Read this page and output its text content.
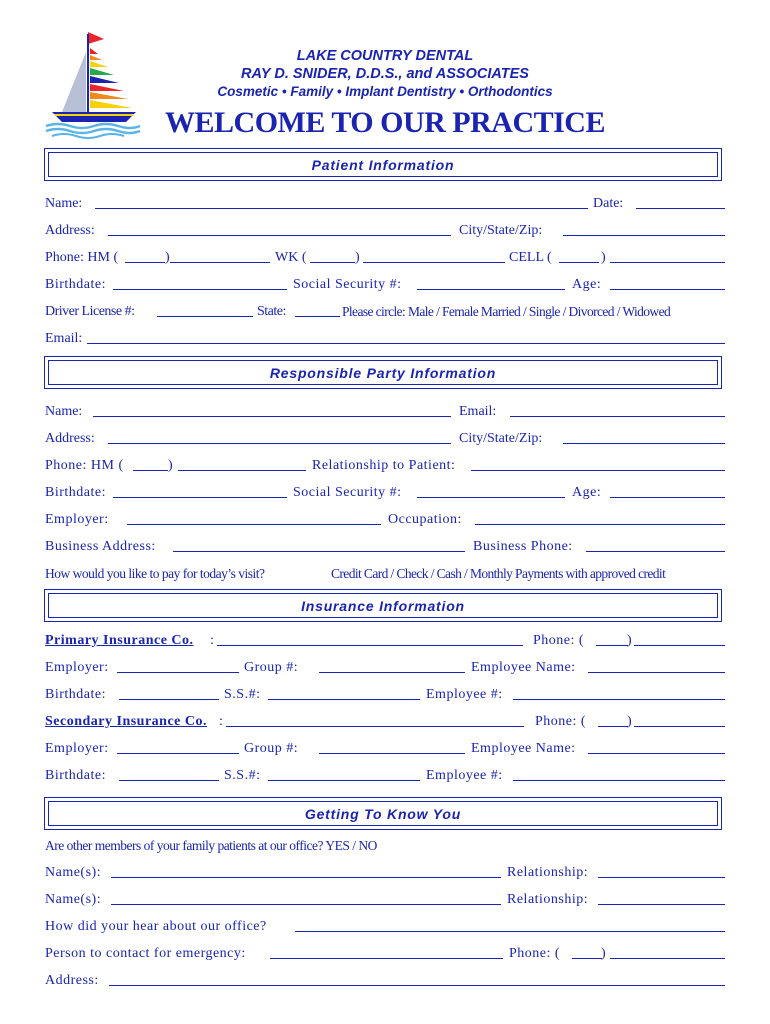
LAKE COUNTRY DENTAL
RAY D. SNIDER, D.D.S., and ASSOCIATES
Cosmetic • Family • Implant Dentistry • Orthodontics
WELCOME TO OUR PRACTICE
Patient Information
Name:	Date:
Address:	City/State/Zip:
Phone: HM (	)	WK (	)	CELL (	)
Birthdate:	Social Security #:	Age:
Driver License #:	State:	Please circle: Male / Female Married / Single / Divorced / Widowed
Email:
Responsible Party Information
Name:	Email:
Address:	City/State/Zip:
Phone: HM (	)	Relationship to Patient:
Birthdate:	Social Security #:	Age:
Employer:	Occupation:
Business Address:	Business Phone:
How would you like to pay for today’s visit?	Credit Card / Check / Cash / Monthly Payments with approved credit
Insurance Information
Primary Insurance Co. :	Phone: (	)
Employer:	Group #:	Employee Name:
Birthdate:	S.S.#:	Employee #:
Secondary Insurance Co. :	Phone: (	)
Employer:	Group #:	Employee Name:
Birthdate:	S.S.#:	Employee #:
Getting To Know You
Are other members of your family patients at our office? YES / NO
Name(s):	Relationship:
Name(s):	Relationship:
How did your hear about our office?
Person to contact for emergency:	Phone: (	)
Address:
